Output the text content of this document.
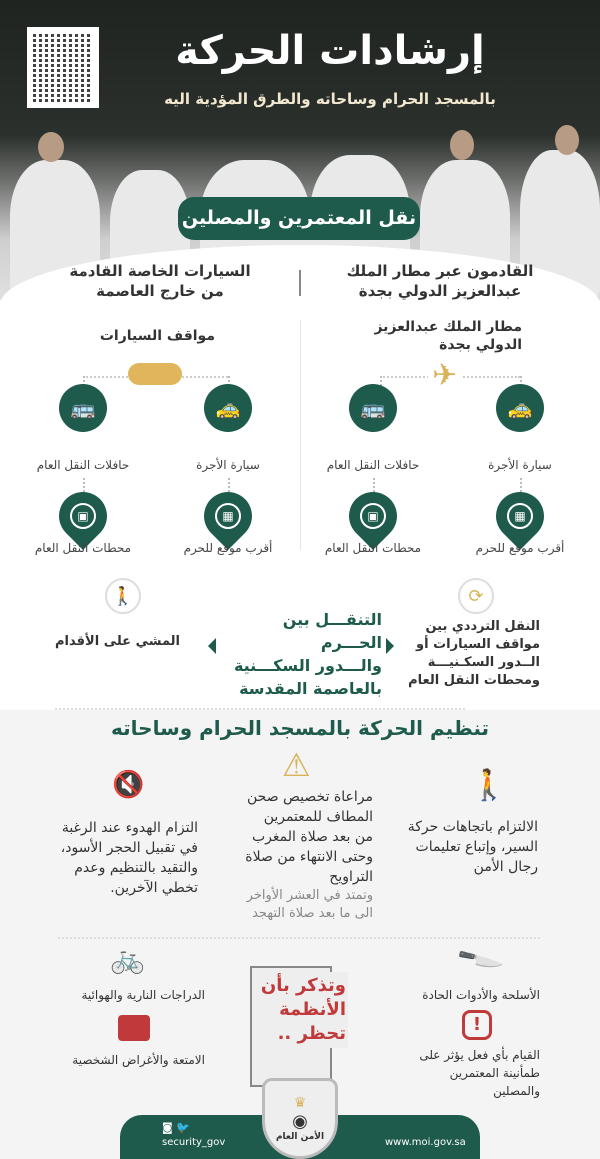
إرشادات الحركة
بالمسجد الحرام وساحاته والطرق المؤدية اليه
نقل المعتمرين والمصلين
القادمون عبر مطار الملك
عبدالعزيز الدولي بجدة
مطار الملك عبدالعزيز
الدولي بجدة
السيارات الخاصة القادمة
من خارج العاصمة
مواقف السيارات
✈
🚕
🚌
سيارة الأجرة
حافلات النقل العام
▦
▣
أقرب موقع للحرم
محطات النقل العام
🚕
🚌
سيارة الأجرة
حافلات النقل العام
▦
▣
أقرب موقع للحرم
محطات النقل العام
⟳
🚶
النقل الترددي بين
مواقف السيارات أو
الــدور السكـنيـــة
ومحطات النقل العام
التنقـــل بين الحـــرم
والـــدور السكـــنية
بالعاصمة المقدسة
المشي على الأقدام
تنظيم الحركة بالمسجد الحرام وساحاته
🚶
⚠
🔇
الالتزام باتجاهات حركة
السير، وإتباع تعليمات
رجال الأمن
مراعاة تخصيص صحن
المطاف للمعتمرين
من بعد صلاة المغرب
وحتى الانتهاء من صلاة
التراويح
وتمتد في العشر الأواخر
الى ما بعد صلاة التهجد
التزام الهدوء عند الرغبة
في تقبيل الحجر الأسود،
والتقيد بالتنظيم وعدم
تخطي الآخرين.
وتذكر بأن
الأنظمة
تحظر ..
🔪
الأسلحة والأدوات الحادة
!
القيام بأي فعل يؤثر على طمأنينة المعتمرين والمصلين
🚲
الدراجات النارية والهوائية
الامتعة والأغراض الشخصية
◙ 🐦
security_gov	www.moi.gov.sa
♛
◉
الأمن العام
